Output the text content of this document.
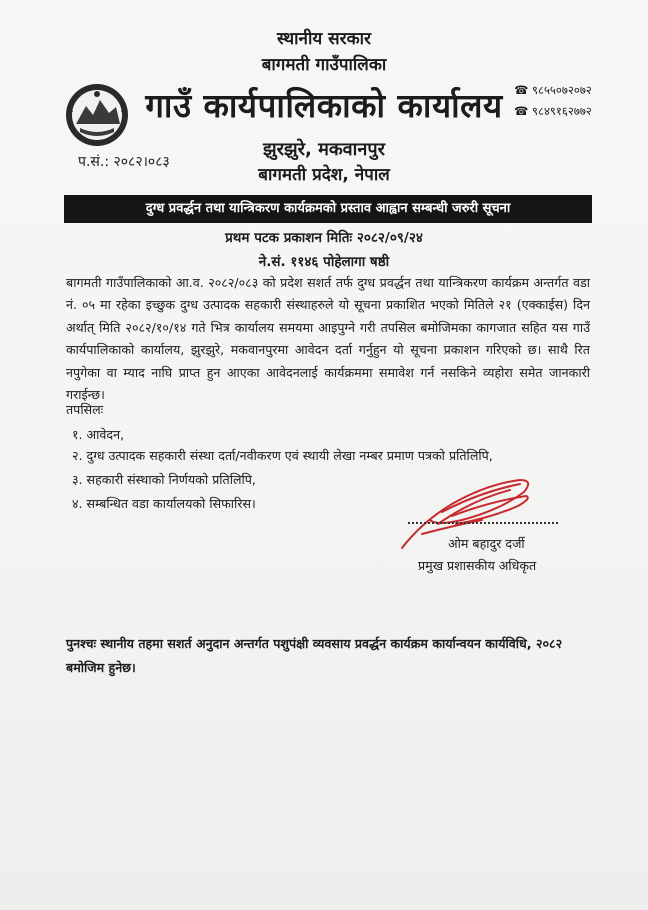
स्थानीय सरकार
बागमती गाउँपालिका
गाउँ कार्यपालिकाको कार्यालय
झुरझुरे, मकवानपुर
बागमती प्रदेश, नेपाल
प.सं.: २०८२।०८३
☎ ९८५५०७२०७२
☎ ९८४९१६२७७२
दुग्ध प्रवर्द्धन तथा यान्त्रिकरण कार्यक्रमको प्रस्ताव आह्वान सम्बन्धी जरुरी सूचना
प्रथम पटक प्रकाशन मितिः २०८२/०९/२४
ने.सं. ११४६ पोहेलागा षष्ठी
बागमती गाउँपालिकाको आ.व. २०८२/०८३ को प्रदेश सशर्त तर्फ दुग्ध प्रवर्द्धन तथा यान्त्रिकरण कार्यक्रम अन्तर्गत वडा नं. ०५ मा रहेका इच्छुक दुग्ध उत्पादक सहकारी संस्थाहरुले यो सूचना प्रकाशित भएको मितिले २१ (एक्काईस) दिन अर्थात् मिति २०८२/१०/१४ गते भित्र कार्यालय समयमा आइपुग्ने गरी तपसिल बमोजिमका कागजात सहित यस गाउँ कार्यपालिकाको कार्यालय, झुरझुरे, मकवानपुरमा आवेदन दर्ता गर्नुहुन यो सूचना प्रकाशन गरिएको छ। साथै रित नपुगेका वा म्याद नाघि प्राप्त हुन आएका आवेदनलाई कार्यक्रममा समावेश गर्न नसकिने व्यहोरा समेत जानकारी गराईन्छ।
तपसिलः
१. आवेदन,
२. दुग्ध उत्पादक सहकारी संस्था दर्ता/नवीकरण एवं स्थायी लेखा नम्बर प्रमाण पत्रको प्रतिलिपि,
३. सहकारी संस्थाको निर्णयको प्रतिलिपि,
४. सम्बन्धित वडा कार्यालयको सिफारिस।
ओम बहादुर दर्जी
प्रमुख प्रशासकीय अधिकृत
पुनश्चः स्थानीय तहमा सशर्त अनुदान अन्तर्गत पशुपंक्षी व्यवसाय प्रवर्द्धन कार्यक्रम कार्यान्वयन कार्यविधि, २०८२ बमोजिम हुनेछ।
